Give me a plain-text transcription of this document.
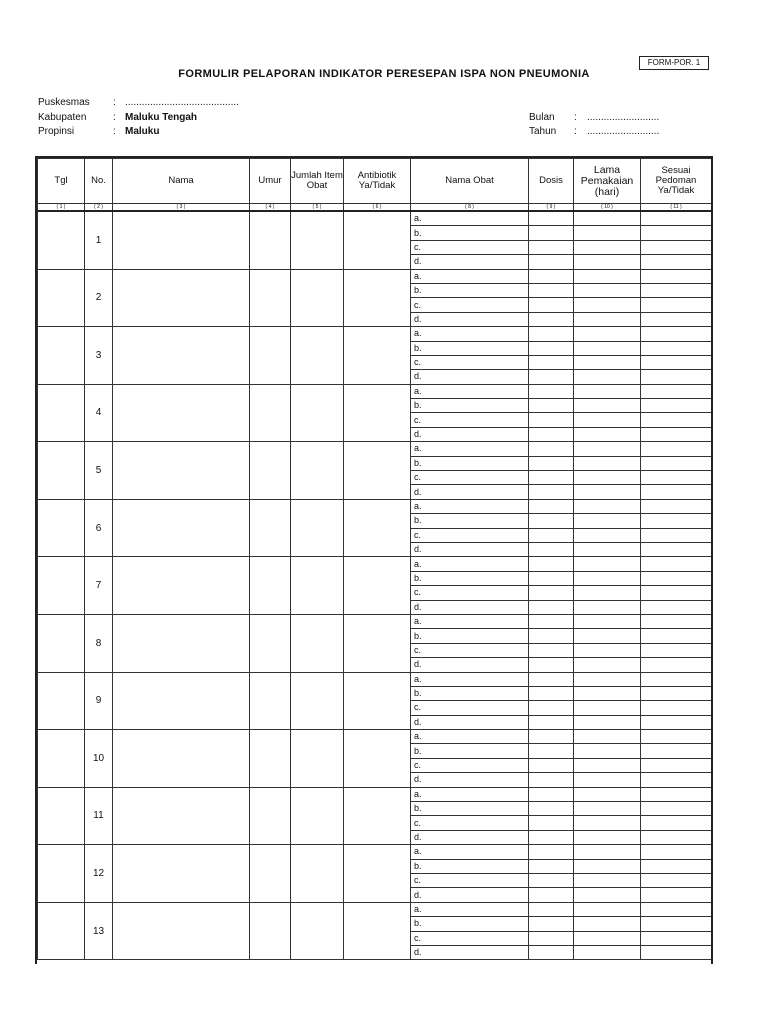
FORM-POR. 1
FORMULIR PELAPORAN INDIKATOR PERESEPAN ISPA NON PNEUMONIA
Puskesmas : .........................................
Kabupaten	: Maluku Tengah
Propinsi	: Maluku
Bulan : ..........................
Tahun : ..........................
Tgl	No.	Nama	Umur	Jumlah Item Obat	Antibiotik Ya/Tidak	Nama Obat	Dosis	Lama Pemakaian (hari)	Sesuai Pedoman Ya/Tidak
( 1 )	( 2 )	( 3 )	( 4 )	( 5 )	( 6 )	( 8 )	( 9 )	( 10 )	( 11 )
	1					a.			
						b.			
						c.			
						d.			
	2					a.			
						b.			
						c.			
						d.			
	3					a.			
						b.			
						c.			
						d.			
	4					a.			
						b.			
						c.			
						d.			
	5					a.			
						b.			
						c.			
						d.			
	6					a.			
						b.			
						c.			
						d.			
	7					a.			
						b.			
						c.			
						d.			
	8					a.			
						b.			
						c.			
						d.			
	9					a.			
						b.			
						c.			
						d.			
	10					a.			
						b.			
						c.			
						d.			
	11					a.			
						b.			
						c.			
						d.			
	12					a.			
						b.			
						c.			
						d.			
	13					a.			
						b.			
						c.			
						d.			
